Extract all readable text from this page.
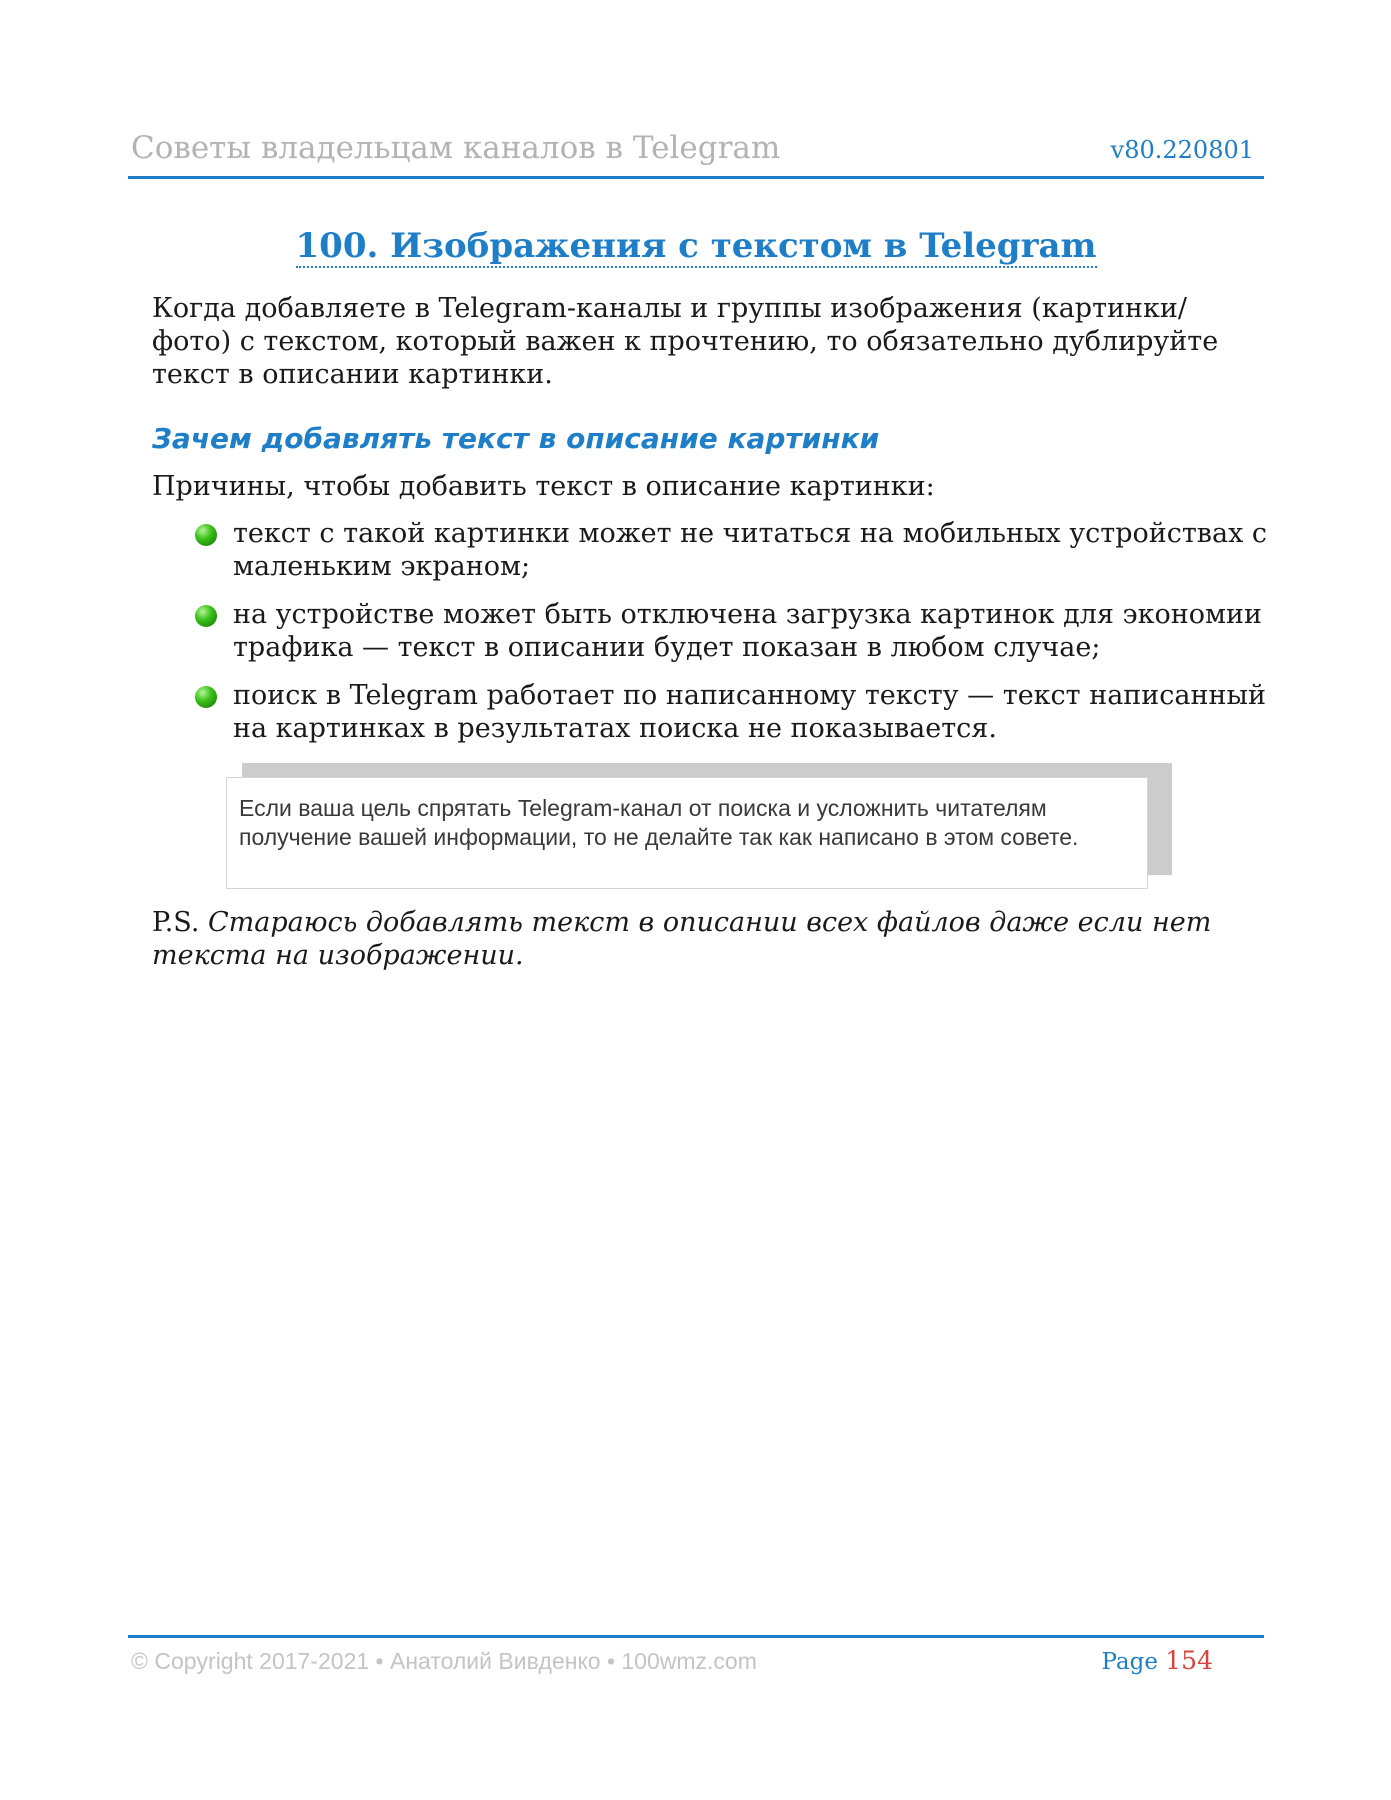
Советы владельцам каналов в Telegram	v80.220801
100. Изображения с текстом в Telegram

Когда добавляете в Telegram-каналы и группы изображения (картинки/фото) с текстом, который важен к прочтению, то обязательно дублируйте текст в описании картинки.

Зачем добавлять текст в описание картинки
Причины, чтобы добавить текст в описание картинки:
текст с такой картинки может не читаться на мобильных устройствах с маленьким экраном;
на устройстве может быть отключена загрузка картинок для экономии трафика — текст в описании будет показан в любом случае;
поиск в Telegram работает по написанному тексту — текст написанный на картинках в результатах поиска не показывается.
Если ваша цель спрятать Telegram-канал от поиска и усложнить читателям получение вашей информации, то не делайте так как написано в этом совете.

P.S. Стараюсь добавлять текст в описании всех файлов даже если нет текста на изображении.

© Copyright 2017-2021 • Анатолий Вивденко • 100wmz.com	Page 154
